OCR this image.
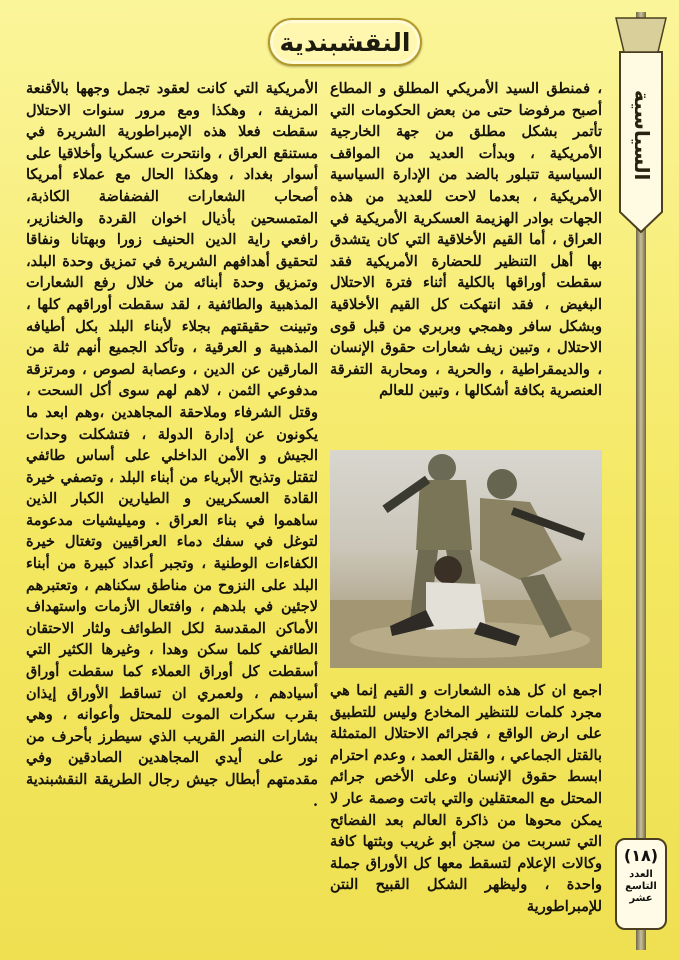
النقشبندية
السياسية

، فمنطق السيد الأمريكي المطلق و المطاع أصبح مرفوضا حتى من بعض الحكومات التي تأتمر بشكل مطلق من جهة الخارجية الأمريكية ، وبدأت العديد من المواقف السياسية تتبلور بالضد من الإدارة السياسية الأمريكية ، بعدما لاحت للعديد من هذه الجهات بوادر الهزيمة العسكرية الأمريكية في العراق ، أما القيم الأخلاقية التي كان يتشدق بها أهل التنظير للحضارة الأمريكية فقد سقطت أوراقها بالكلية أثناء فترة الاحتلال البغيض ، فقد انتهكت كل القيم الأخلاقية وبشكل سافر وهمجي وبربري من قبل قوى الاحتلال ، وتبين زيف شعارات حقوق الإنسان ، والديمقراطية ، والحرية ، ومحاربة التفرقة العنصرية بكافة أشكالها ، وتبين للعالم

اجمع ان كل هذه الشعارات و القيم إنما هي مجرد كلمات للتنظير المخادع وليس للتطبيق على ارض الواقع ، فجرائم الاحتلال المتمثلة بالقتل الجماعي ، والقتل العمد ، وعدم احترام ابسط حقوق الإنسان وعلى الأخص جرائم المحتل مع المعتقلين والتي باتت وصمة عار لا يمكن محوها من ذاكرة العالم بعد الفضائح التي تسربت من سجن أبو غريب وبثتها كافة وكالات الإعلام لتسقط معها كل الأوراق جملة واحدة ، وليظهر الشكل القبيح النتن للإمبراطورية

الأمريكية التي كانت لعقود تجمل وجهها بالأقنعة المزيفة ، وهكذا ومع مرور سنوات الاحتلال سقطت فعلا هذه الإمبراطورية الشريرة في مستنقع العراق ، وانتحرت عسكريا وأخلاقيا على أسوار بغداد ، وهكذا الحال مع عملاء أمريكا أصحاب الشعارات الفضفاضة الكاذبة، المتمسحين بأذيال اخوان القردة والخنازير، رافعي راية الدين الحنيف زورا وبهتانا ونفاقا لتحقيق أهدافهم الشريرة في تمزيق وحدة البلد، وتمزيق وحدة أبنائه من خلال رفع الشعارات المذهبية والطائفية ، لقد سقطت أوراقهم كلها ، وتبينت حقيقتهم بجلاء لأبناء البلد بكل أطيافه المذهبية و العرقية ، وتأكد الجميع أنهم ثلة من المارقين عن الدين ، وعصابة لصوص ، ومرتزقة مدفوعي الثمن ، لاهم لهم سوى أكل السحت ، وقتل الشرفاء وملاحقة المجاهدين ،وهم ابعد ما يكونون عن إدارة الدولة ، فتشكلت وحدات الجيش و الأمن الداخلي على أساس طائفي لتقتل وتذبح الأبرياء من أبناء البلد ، وتصفي خيرة القادة العسكريين و الطيارين الكبار الذين ساهموا في بناء العراق . وميليشيات مدعومة لتوغل في سفك دماء العراقيين وتغتال خيرة الكفاءات الوطنية ، وتجبر أعداد كبيرة من أبناء البلد على النزوح من مناطق سكناهم ، وتعتبرهم لاجئين في بلدهم ، وافتعال الأزمات واستهداف الأماكن المقدسة لكل الطوائف ولثار الاحتقان الطائفي كلما سكن وهدا ، وغيرها الكثير التي أسقطت كل أوراق العملاء كما سقطت أوراق أسيادهم ، ولعمري ان تساقط الأوراق إيذان بقرب سكرات الموت للمحتل وأعوانه ، وهي بشارات النصر القريب الذي سيطرز بأحرف من نور على أيدي المجاهدين الصادقين وفي مقدمتهم أبطال جيش رجال الطريقة النقشبندية .

(١٨)
العدد التاسع عشر
